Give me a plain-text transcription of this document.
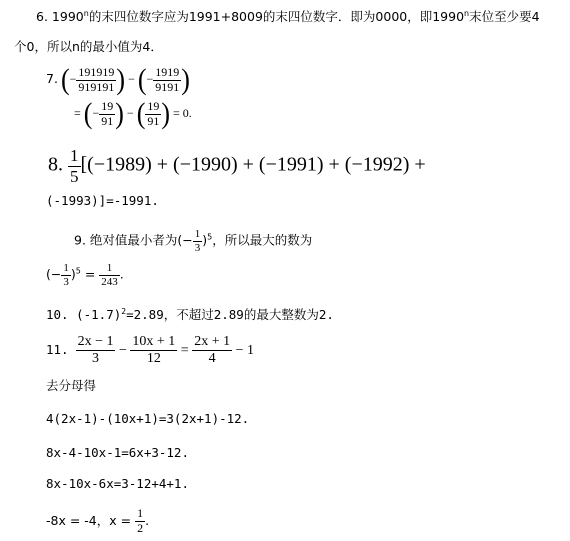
6. 1990$^n$的末四位数字应为1991+8009的末四位数字．即为0000，即1990$^n$末位至少要4
个0，所以n的最小值为4．
7. (− $\frac{191919}{919191}$ ) − (− $\frac{1919}{9191}$ )
= (− $\frac{19}{91}$ ) − ( $\frac{19}{91}$ ) = 0.
8. $\frac{1}{5} [(-1989) + (-1990) + (-1991) + (-1992)$ +
(-1993)]=-1991.
9. 绝对值最小者为(− $\frac{1}{3} )^5$，所以最大的数为
(− $\frac{1}{3} )^5 = \frac{1}{243}$ .
10. $(-1.7)^2=2.89$，不超过2.89的最大整数为2.
11. $\frac{2x - 1}{3} - \frac{10x + 1}{12} = \frac{2x + 1}{4} - 1$
去分母得
4(2x-1)-(10x+1)=3(2x+1)-12.
8x-4-10x-1=6x+3-12.
8x-10x-6x=3-12+4+1.
-8x = -4，$x = \frac{1}{2}$ .
